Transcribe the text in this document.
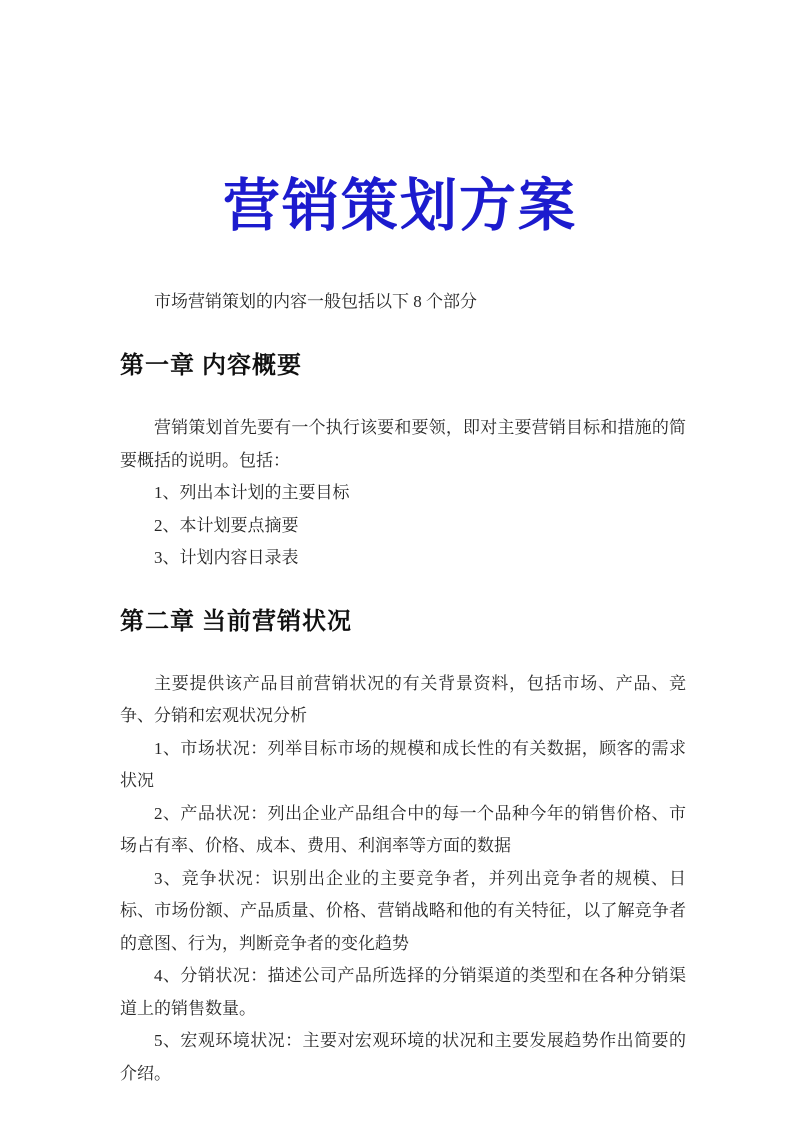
营销策划方案

市场营销策划的内容一般包括以下 8 个部分

第一章 内容概要

营销策划首先要有一个执行该要和要领，即对主要营销目标和措施的简要概括的说明。包括：

1、列出本计划的主要目标

2、本计划要点摘要

3、计划内容日录表

第二章 当前营销状况

主要提供该产品目前营销状况的有关背景资料，包括市场、产品、竞争、分销和宏观状况分析

1、市场状况：列举目标市场的规模和成长性的有关数据，顾客的需求状况

2、产品状况：列出企业产品组合中的每一个品种今年的销售价格、市场占有率、价格、成本、费用、利润率等方面的数据

3、竞争状况：识别出企业的主要竞争者，并列出竞争者的规模、日标、市场份额、产品质量、价格、营销战略和他的有关特征，以了解竞争者的意图、行为，判断竞争者的变化趋势

4、分销状况：描述公司产品所选择的分销渠道的类型和在各种分销渠道上的销售数量。

5、宏观环境状况：主要对宏观环境的状况和主要发展趋势作出简要的介绍。
